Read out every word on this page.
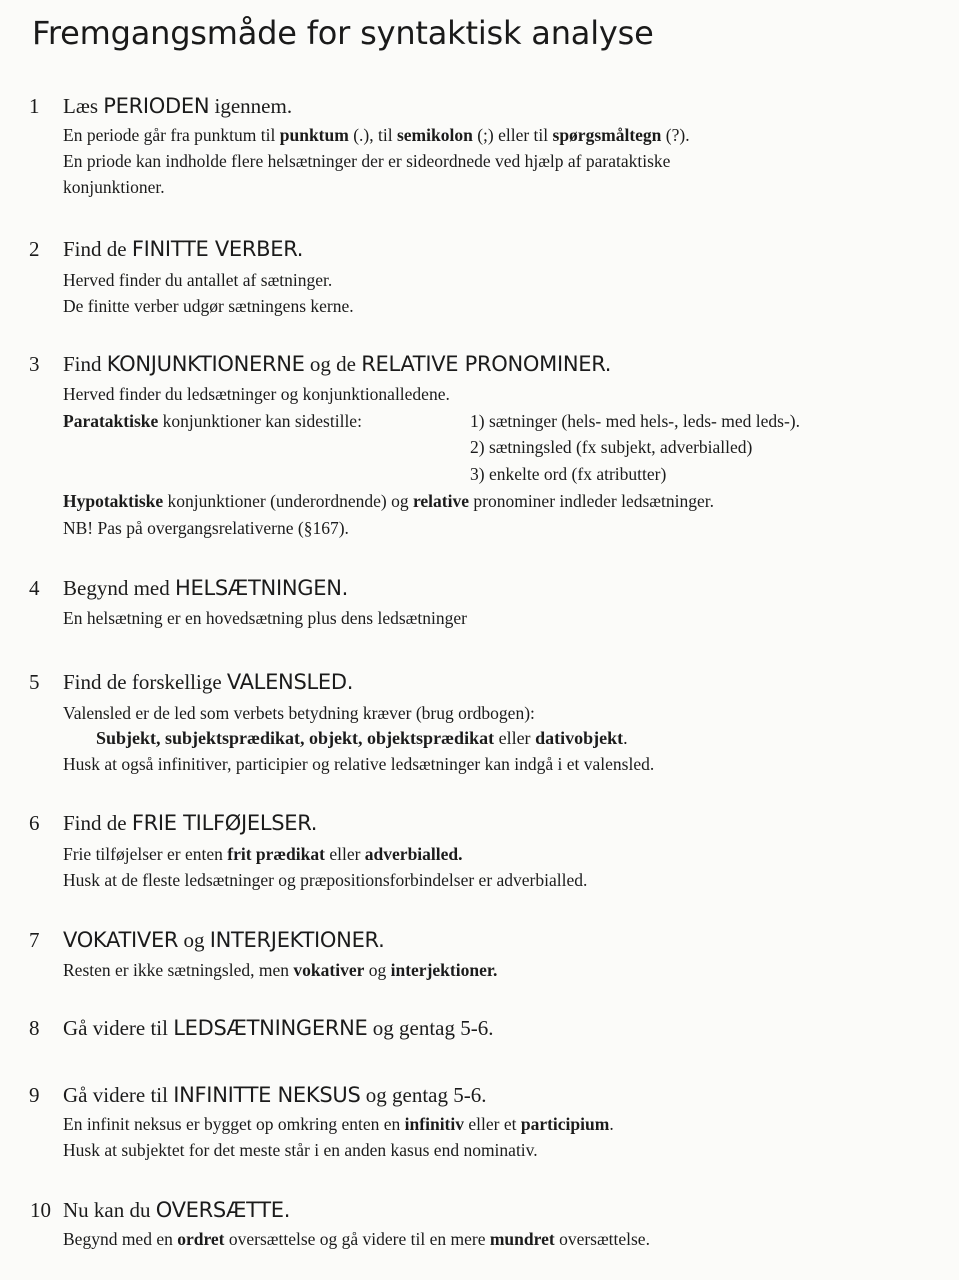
Fremgangsmåde for syntaktisk analyse
1	Læs PERIODEN igennem.
En periode går fra punktum til punktum (.), til semikolon (;) eller til spørgsmåltegn (?).
En priode kan indholde flere helsætninger der er sideordnede ved hjælp af parataktiske
konjunktioner.
2	Find de FINITTE VERBER.
Herved finder du antallet af sætninger.
De finitte verber udgør sætningens kerne.
3	Find KONJUNKTIONERNE og de RELATIVE PRONOMINER.
Herved finder du ledsætninger og konjunktionalledene.
Parataktiske konjunktioner kan sidestille:	1) sætninger (hels- med hels-, leds- med leds-).
2) sætningsled (fx subjekt, adverbialled)
3) enkelte ord (fx atributter)
Hypotaktiske konjunktioner (underordnende) og relative pronominer indleder ledsætninger.
NB! Pas på overgangsrelativerne (§167).
4	Begynd med HELSÆTNINGEN.
En helsætning er en hovedsætning plus dens ledsætninger
5	Find de forskellige VALENSLED.
Valensled er de led som verbets betydning kræver (brug ordbogen):
Subjekt, subjektsprædikat, objekt, objektsprædikat eller dativobjekt.
Husk at også infinitiver, participier og relative ledsætninger kan indgå i et valensled.
6	Find de FRIE TILFØJELSER.
Frie tilføjelser er enten frit prædikat eller adverbialled.
Husk at de fleste ledsætninger og præpositionsforbindelser er adverbialled.
7	VOKATIVER og INTERJEKTIONER.
Resten er ikke sætningsled, men vokativer og interjektioner.
8	Gå videre til LEDSÆTNINGERNE og gentag 5-6.
9	Gå videre til INFINITTE NEKSUS og gentag 5-6.
En infinit neksus er bygget op omkring enten en infinitiv eller et participium.
Husk at subjektet for det meste står i en anden kasus end nominativ.
10 Nu kan du OVERSÆTTE.
Begynd med en ordret oversættelse og gå videre til en mere mundret oversættelse.
